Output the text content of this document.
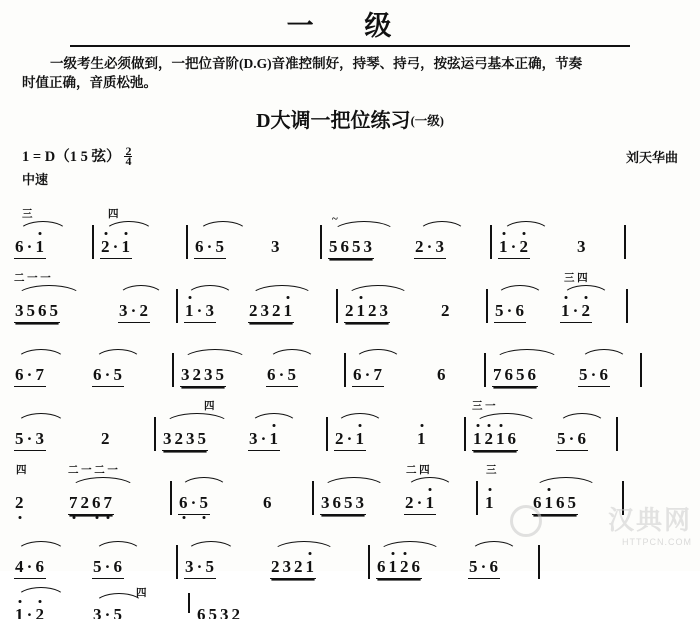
一 级

一级考生必须做到，一把位音阶(D.G)音准控制好，持琴、持弓，按弦运弓基本正确，节奏

时值正确，音质松弛。

D大调一把位练习(一级)
1 = D（1 5 弦） $\frac{2}{4}$	刘天华曲
中速
三
6 · 1
四
2 · 1	6 · 5	3
~
5 6 5 3 2 · 3	1 · 2	3
二 一 一
3 5 6 5	3 · 2 1 · 3 2 3 2 1	2 1 2 3	2	5 · 6
三 四
1 · 2
6 · 7	6 · 5	3 2 3 5 6 · 5	6 · 7	6	7 6 5 6 5 · 6
5 · 3	2
四
3 2 3 5 3 · 1	2 · 1	1
三 一
1 2 1 6 5 · 6
四
2
二 一 二 一
7 2 6 7	6 · 5	6	3 6 5 3
二 四
2 · 1
三
1 6 1 6 5
4 · 6	5 · 6	3 · 5	2 3 2 1	6 1 2 6	5 · 6
1 · 2
四
3 · 5	6 5 3 2
汉典网
HTTPCN.COM
